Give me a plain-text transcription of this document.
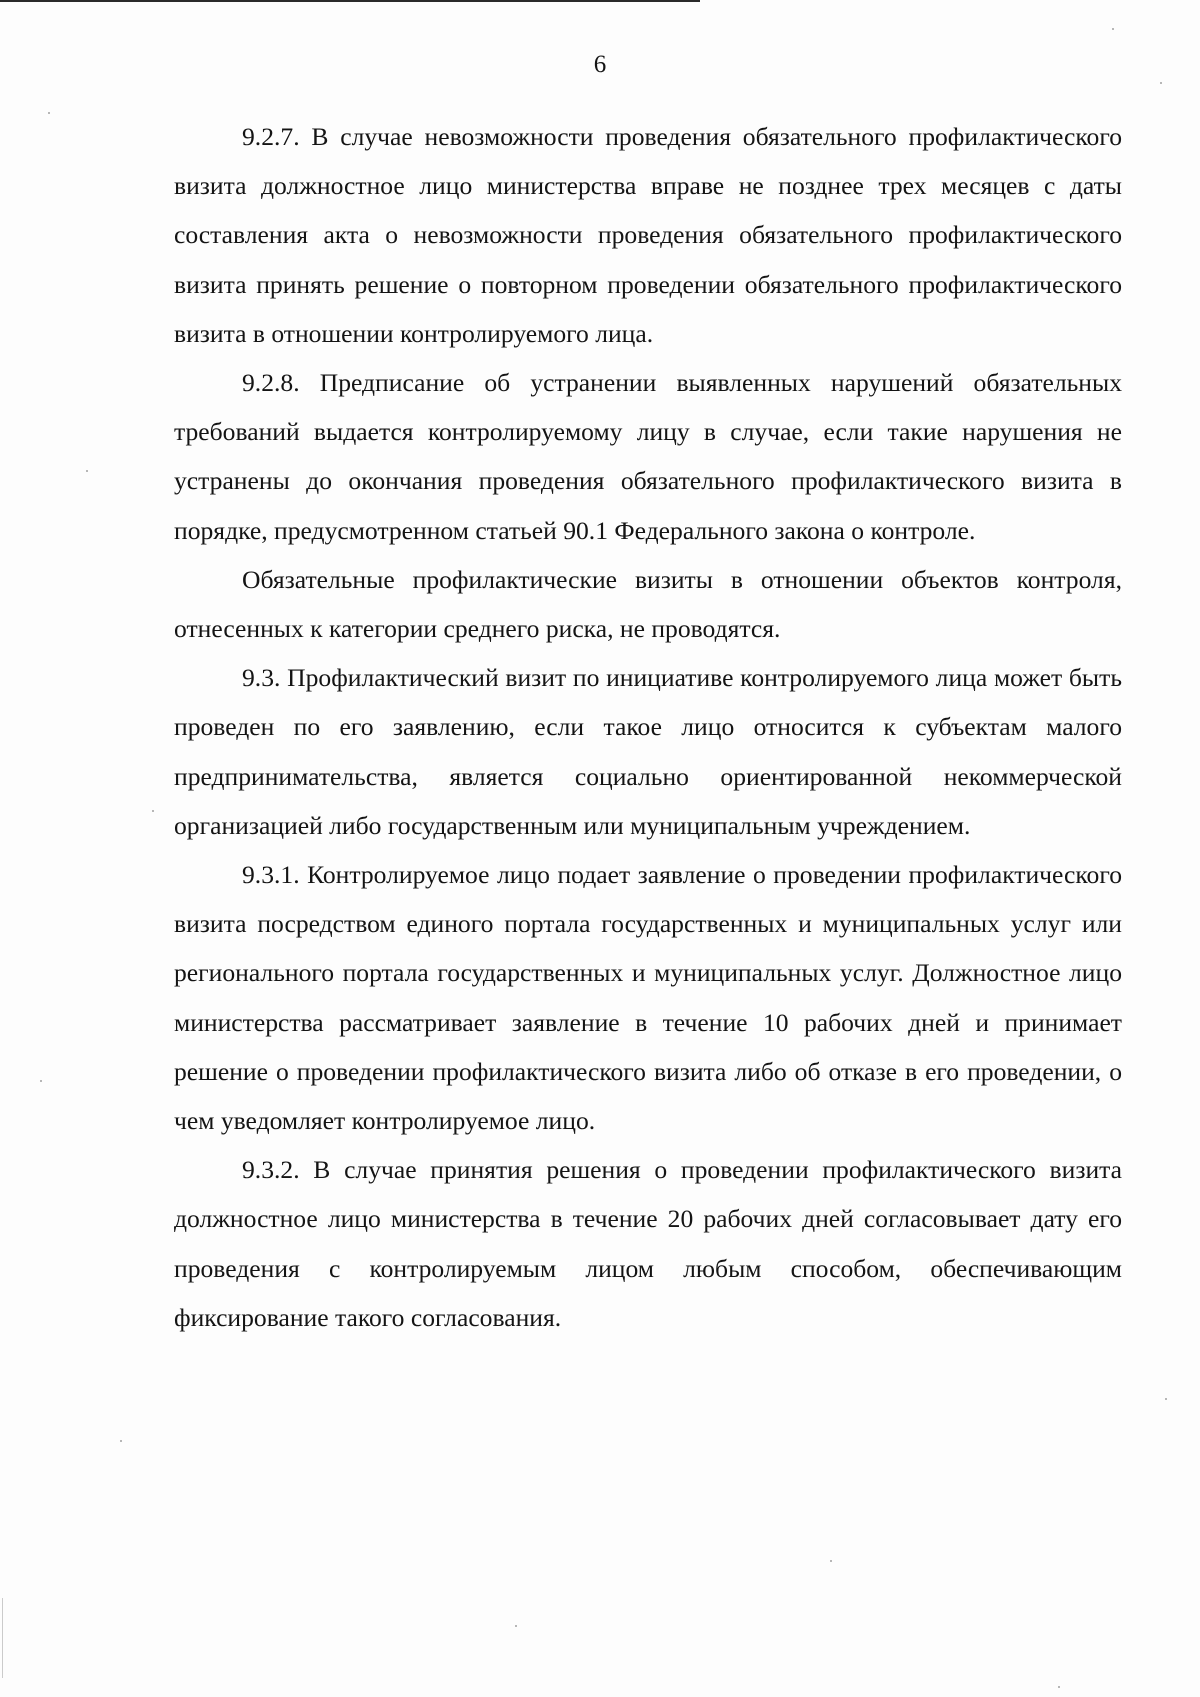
6

9.2.7. В случае невозможности проведения обязательного профилактического визита должностное лицо министерства вправе не позднее трех месяцев с даты составления акта о невозможности проведения обязательного профилактического визита принять решение о повторном проведении обязательного профилактического визита в отношении контролируемого лица.

9.2.8. Предписание об устранении выявленных нарушений обязательных требований выдается контролируемому лицу в случае, если такие нарушения не устранены до окончания проведения обязательного профилактического визита в порядке, предусмотренном статьей 90.1 Федерального закона о контроле.

Обязательные профилактические визиты в отношении объектов контроля, отнесенных к категории среднего риска, не проводятся.

9.3. Профилактический визит по инициативе контролируемого лица может быть проведен по его заявлению, если такое лицо относится к субъектам малого предпринимательства, является социально ориентированной некоммерческой организацией либо государственным или муниципальным учреждением.

9.3.1. Контролируемое лицо подает заявление о проведении профилактического визита посредством единого портала государственных и муниципальных услуг или регионального портала государственных и муниципальных услуг. Должностное лицо министерства рассматривает заявление в течение 10 рабочих дней и принимает решение о проведении профилактического визита либо об отказе в его проведении, о чем уведомляет контролируемое лицо.

9.3.2. В случае принятия решения о проведении профилактического визита должностное лицо министерства в течение 20 рабочих дней согласовывает дату его проведения с контролируемым лицом любым способом, обеспечивающим фиксирование такого согласования.
